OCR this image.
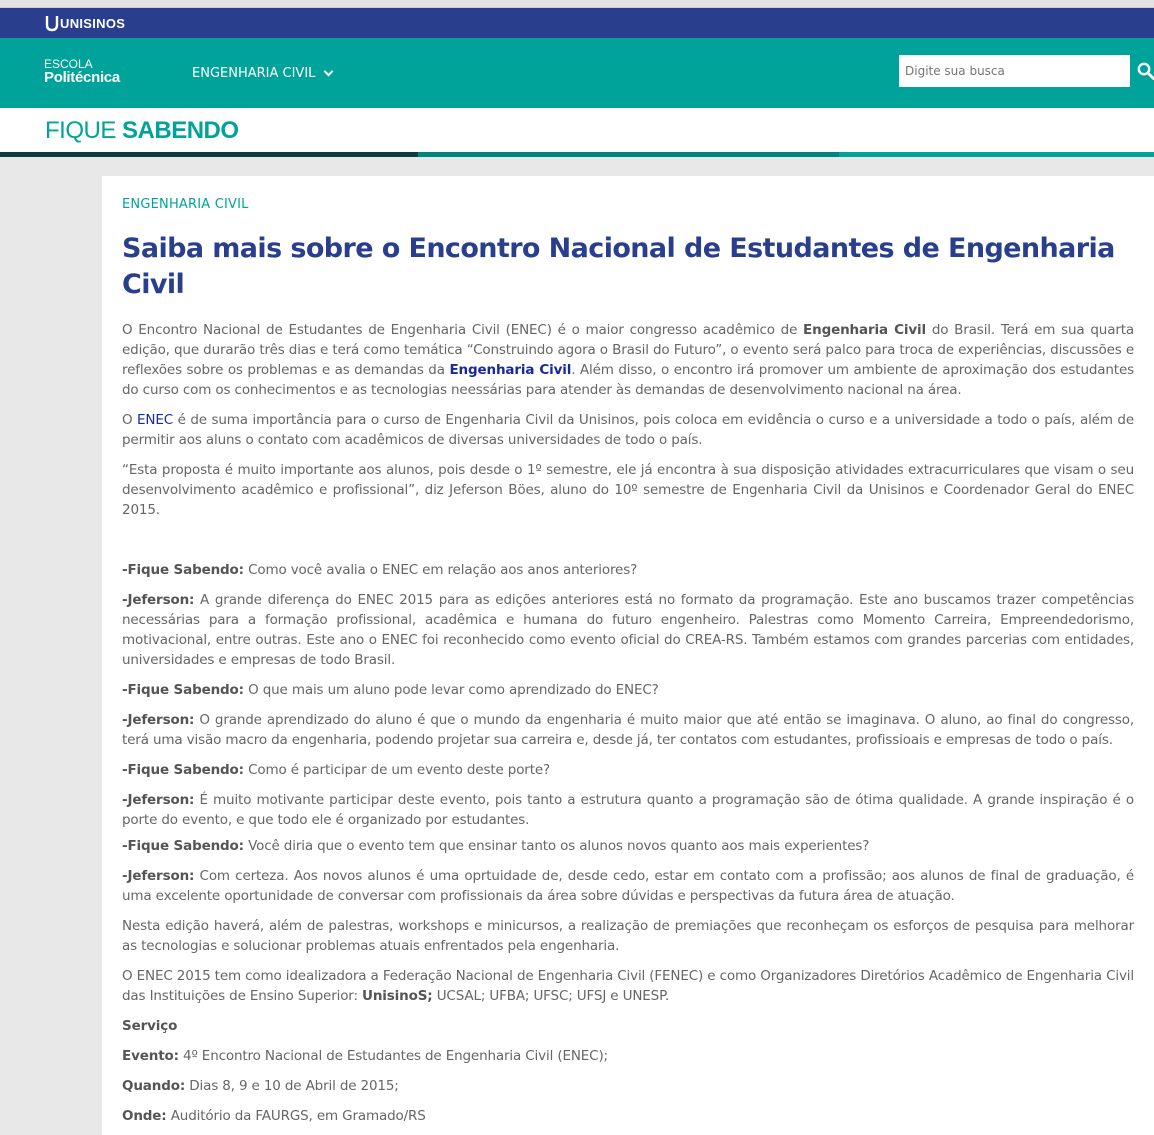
UNISINOS
ESCOLA
Politécnica	ENGENHARIA CIVIL
Digite sua busca
FIQUE SABENDO
ENGENHARIA CIVIL
Saiba mais sobre o Encontro Nacional de Estudantes de Engenharia Civil

O Encontro Nacional de Estudantes de Engenharia Civil (ENEC) é o maior congresso acadêmico de Engenharia Civil do Brasil. Terá em sua quarta edição, que durarão três dias e terá como temática “Construindo agora o Brasil do Futuro”, o evento será palco para troca de experiências, discussões e reflexões sobre os problemas e as demandas da Engenharia Civil. Além disso, o encontro irá promover um ambiente de aproximação dos estudantes do curso com os conhecimentos e as tecnologias neessárias para atender às demandas de desenvolvimento nacional na área.

O ENEC é de suma importância para o curso de Engenharia Civil da Unisinos, pois coloca em evidência o curso e a universidade a todo o país, além de permitir aos aluns o contato com acadêmicos de diversas universidades de todo o país.

“Esta proposta é muito importante aos alunos, pois desde o 1º semestre, ele já encontra à sua disposição atividades extracurriculares que visam o seu desenvolvimento acadêmico e profissional”, diz Jeferson Böes, aluno do 10º semestre de Engenharia Civil da Unisinos e Coordenador Geral do ENEC 2015.

-Fique Sabendo: Como você avalia o ENEC em relação aos anos anteriores?

-Jeferson: A grande diferença do ENEC 2015 para as edições anteriores está no formato da programação. Este ano buscamos trazer competências necessárias para a formação profissional, acadêmica e humana do futuro engenheiro. Palestras como Momento Carreira, Empreendedorismo, motivacional, entre outras. Este ano o ENEC foi reconhecido como evento oficial do CREA-RS. Também estamos com grandes parcerias com entidades, universidades e empresas de todo Brasil.

-Fique Sabendo: O que mais um aluno pode levar como aprendizado do ENEC?

-Jeferson: O grande aprendizado do aluno é que o mundo da engenharia é muito maior que até então se imaginava. O aluno, ao final do congresso, terá uma visão macro da engenharia, podendo projetar sua carreira e, desde já, ter contatos com estudantes, profissioais e empresas de todo o país.

-Fique Sabendo: Como é participar de um evento deste porte?

-Jeferson: É muito motivante participar deste evento, pois tanto a estrutura quanto a programação são de ótima qualidade. A grande inspiração é o porte do evento, e que todo ele é organizado por estudantes.

-Fique Sabendo: Você diria que o evento tem que ensinar tanto os alunos novos quanto aos mais experientes?

-Jeferson: Com certeza. Aos novos alunos é uma oprtuidade de, desde cedo, estar em contato com a profissão; aos alunos de final de graduação, é uma excelente oportunidade de conversar com profissionais da área sobre dúvidas e perspectivas da futura área de atuação.

Nesta edição haverá, além de palestras, workshops e minicursos, a realização de premiações que reconheçam os esforços de pesquisa para melhorar as tecnologias e solucionar problemas atuais enfrentados pela engenharia.

O ENEC 2015 tem como idealizadora a Federação Nacional de Engenharia Civil (FENEC) e como Organizadores Diretórios Acadêmico de Engenharia Civil das Instituições de Ensino Superior: UnisinoS; UCSAL; UFBA; UFSC; UFSJ e UNESP.

Serviço

Evento: 4º Encontro Nacional de Estudantes de Engenharia Civil (ENEC);

Quando: Dias 8, 9 e 10 de Abril de 2015;

Onde: Auditório da FAURGS, em Gramado/RS
